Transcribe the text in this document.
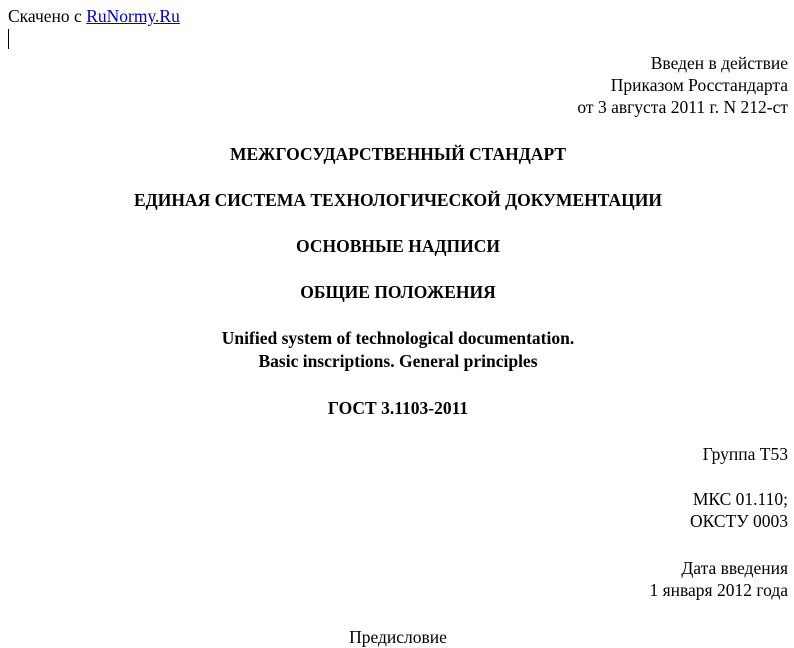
Скачено с RuNormy.Ru
Введен в действие
Приказом Росстандарта
от 3 августа 2011 г. N 212-ст
МЕЖГОСУДАРСТВЕННЫЙ СТАНДАРТ
ЕДИНАЯ СИСТЕМА ТЕХНОЛОГИЧЕСКОЙ ДОКУМЕНТАЦИИ
ОСНОВНЫЕ НАДПИСИ
ОБЩИЕ ПОЛОЖЕНИЯ
Unified system of technological documentation.
Basic inscriptions. General principles
ГОСТ 3.1103-2011
Группа Т53
МКС 01.110;
ОКСТУ 0003
Дата введения
1 января 2012 года
Предисловие
